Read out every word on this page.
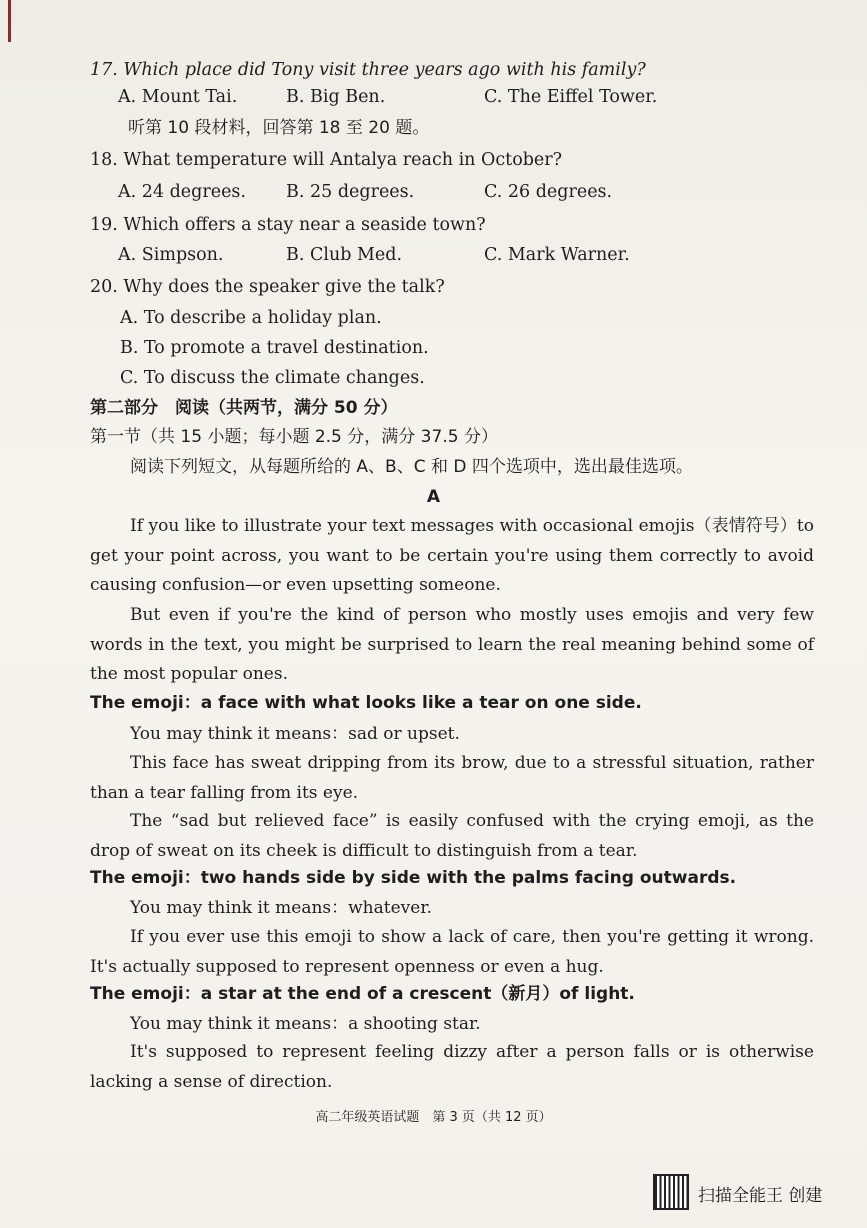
17. Which place did Tony visit three years ago with his family?
A. Mount Tai.	B. Big Ben.	C. The Eiffel Tower.
听第 10 段材料，回答第 18 至 20 题。
18. What temperature will Antalya reach in October?
A. 24 degrees. B. 25 degrees.	C. 26 degrees.
19. Which offers a stay near a seaside town?
A. Simpson.	B. Club Med.	C. Mark Warner.
20. Why does the speaker give the talk?
A. To describe a holiday plan.
B. To promote a travel destination.
C. To discuss the climate changes.
第二部分　阅读（共两节，满分 50 分）
第一节（共 15 小题；每小题 2.5 分，满分 37.5 分）
阅读下列短文，从每题所给的 A、B、C 和 D 四个选项中，选出最佳选项。
A
If you like to illustrate your text messages with occasional emojis（表情符号）to get your point across, you want to be certain you're using them correctly to avoid causing confusion—or even upsetting someone.
But even if you're the kind of person who mostly uses emojis and very few words in the text, you might be surprised to learn the real meaning behind some of the most popular ones.
The emoji：a face with what looks like a tear on one side.
You may think it means：sad or upset.
This face has sweat dripping from its brow, due to a stressful situation, rather than a tear falling from its eye.
The “sad but relieved face” is easily confused with the crying emoji, as the drop of sweat on its cheek is difficult to distinguish from a tear.
The emoji：two hands side by side with the palms facing outwards.
You may think it means：whatever.
If you ever use this emoji to show a lack of care, then you're getting it wrong. It's actually supposed to represent openness or even a hug.
The emoji：a star at the end of a crescent（新月）of light.
You may think it means：a shooting star.
It's supposed to represent feeling dizzy after a person falls or is otherwise lacking a sense of direction.
高二年级英语试题　第 3 页（共 12 页）
扫描全能王 创建
